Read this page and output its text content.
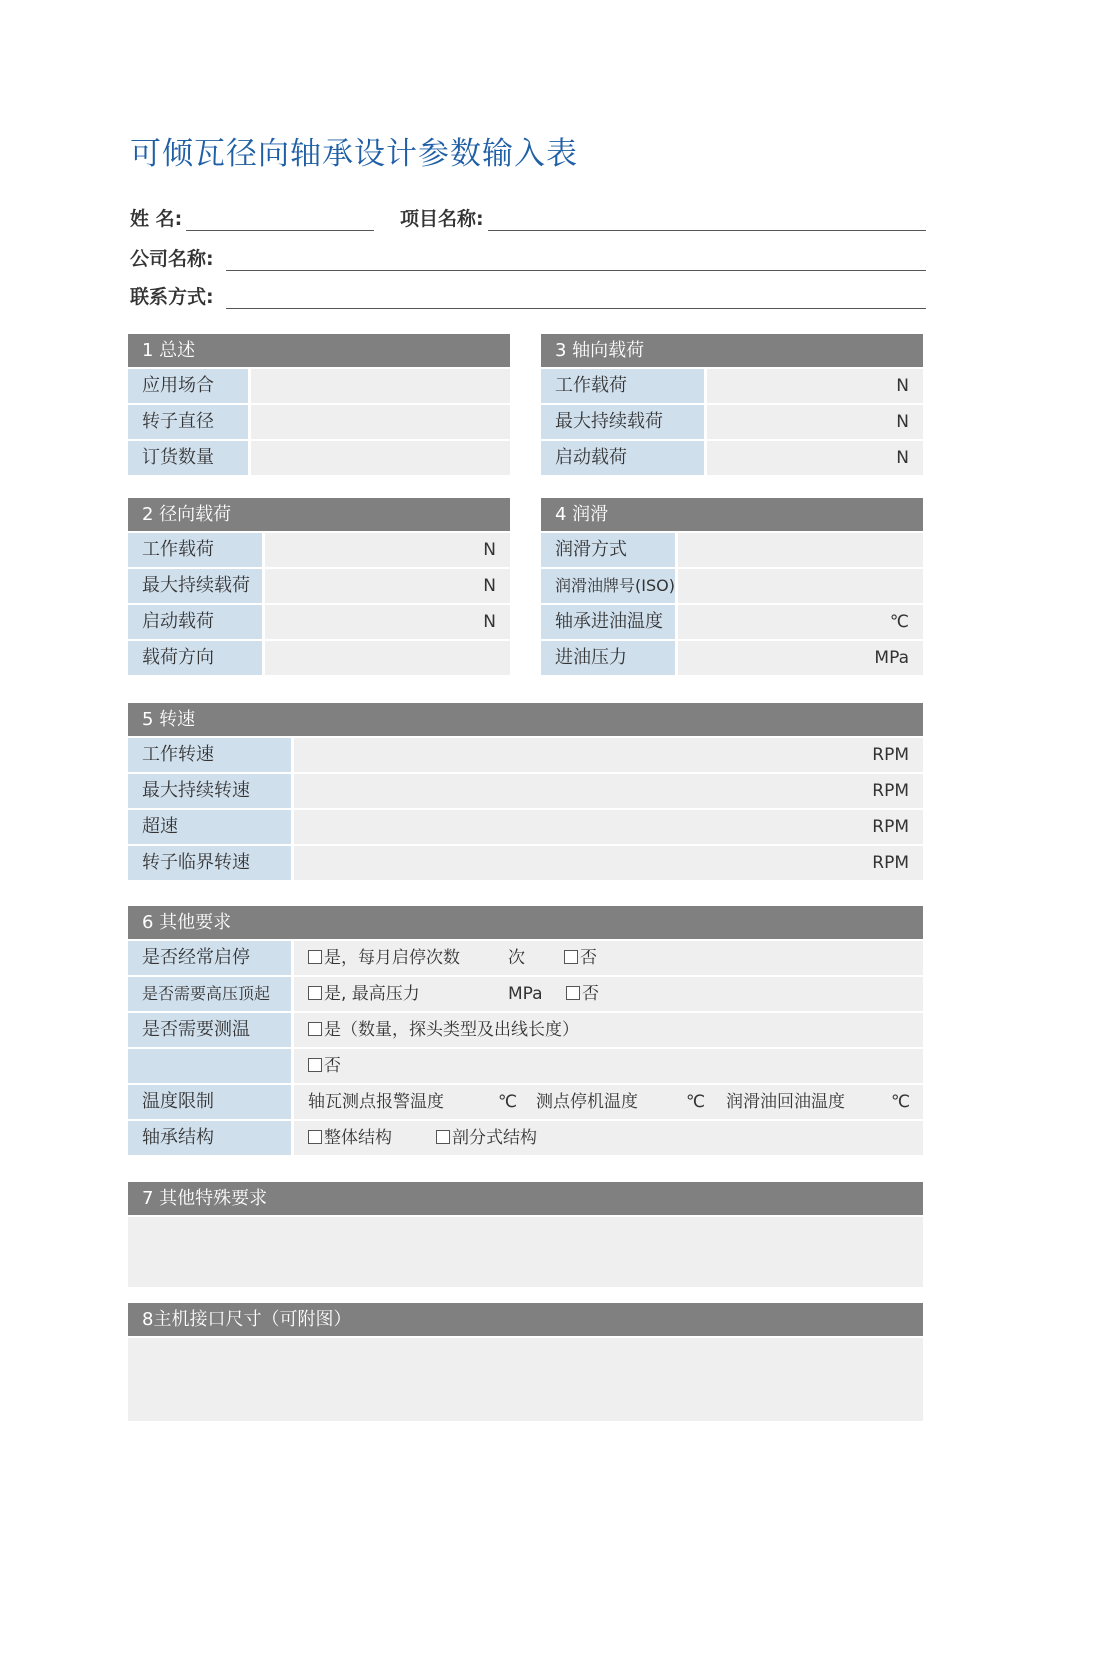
可倾瓦径向轴承设计参数输入表
姓 名:	项目名称:
公司名称:
联系方式:
1 总述
应用场合
转子直径
订货数量
3 轴向载荷
工作载荷	N
最大持续载荷	N
启动载荷	N
2 径向载荷
工作载荷	N
最大持续载荷	N
启动载荷	N
载荷方向
4 润滑
润滑方式
润滑油牌号(ISO)
轴承进油温度	℃
进油压力	MPa
5 转速
工作转速	RPM
最大持续转速	RPM
超速	RPM
转子临界转速	RPM
6 其他要求
是否经常启停	是，每月启停次数	次	否
是否需要高压顶起	是, 最高压力	MPa	否
是否需要测温	是（数量，探头类型及出线长度）
否
温度限制	轴瓦测点报警温度	℃	测点停机温度	℃	润滑油回油温度	℃
轴承结构	整体结构	剖分式结构
7 其他特殊要求
8主机接口尺寸（可附图）
